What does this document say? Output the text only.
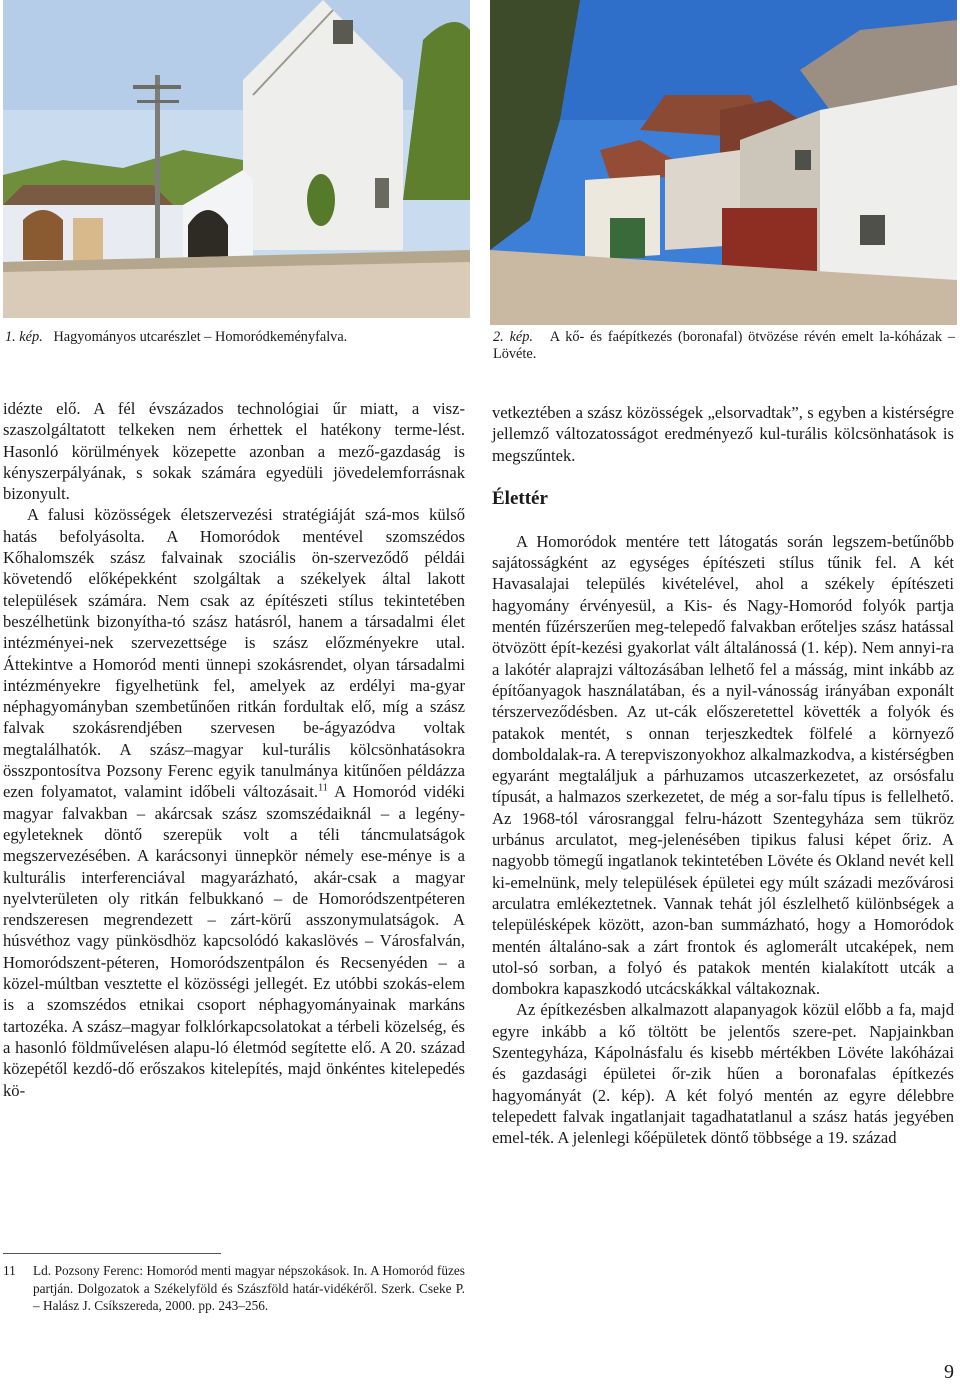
1. kép. Hagyományos utcarészlet – Homoródkeményfalva.	2. kép. A kő- és faépítkezés (boronafal) ötvözése révén emelt la-kóházak – Lövéte.

idézte elő. A fél évszázados technológiai űr miatt, a visz-szaszolgáltatott telkeken nem érhettek el hatékony terme-lést. Hasonló körülmények közepette azonban a mező-gazdaság is kényszerpályának, s sokak számára egyedüli jövedelemforrásnak bizonyult.

A falusi közösségek életszervezési stratégiáját szá-mos külső hatás befolyásolta. A Homoródok mentével szomszédos Kőhalomszék szász falvainak szociális ön-szerveződő példái követendő előképekként szolgáltak a székelyek által lakott települések számára. Nem csak az építészeti stílus tekintetében beszélhetünk bizonyítha-tó szász hatásról, hanem a társadalmi élet intézményei-nek szervezettsége is szász előzményekre utal. Áttekintve a Homoród menti ünnepi szokásrendet, olyan társadalmi intézményekre figyelhetünk fel, amelyek az erdélyi ma-gyar néphagyományban szembetűnően ritkán fordultak elő, míg a szász falvak szokásrendjében szervesen be-ágyazódva voltak megtalálhatók. A szász–magyar kul-turális kölcsönhatásokra összpontosítva Pozsony Ferenc egyik tanulmánya kitűnően példázza ezen folyamatot, valamint időbeli változásait.$^{11}$ A Homoród vidéki magyar falvakban – akárcsak szász szomszédaiknál – a legény-egyleteknek döntő szerepük volt a téli táncmulatságok megszervezésében. A karácsonyi ünnepkör némely ese-ménye is a kulturális interferenciával magyarázható, akár-csak a magyar nyelvterületen oly ritkán felbukkanó – de Homoródszentpéteren rendszeresen megrendezett – zárt-körű asszonymulatságok. A húsvéthoz vagy pünkösdhöz kapcsolódó kakaslövés – Városfalván, Homoródszent-péteren, Homoródszentpálon és Recsenyéden – a közel-múltban vesztette el közösségi jellegét. Ez utóbbi szokás-elem is a szomszédos etnikai csoport néphagyományainak markáns tartozéka. A szász–magyar folklórkapcsolatokat a térbeli közelség, és a hasonló földművelésen alapu-ló életmód segítette elő. A 20. század közepétől kezdő-dő erőszakos kitelepítés, majd önkéntes kitelepedés kö-

11 Ld. Pozsony Ferenc: Homoród menti magyar népszokások. In. A Homoród füzes partján. Dolgozatok a Székelyföld és Szászföld határ-vidékéről. Szerk. Cseke P. – Halász J. Csíkszereda, 2000. pp. 243–256.

vetkeztében a szász közösségek „elsorvadtak”, s egyben a kistérségre jellemző változatosságot eredményező kul-turális kölcsönhatások is megszűntek.

Élettér

A Homoródok mentére tett látogatás során legszem-betűnőbb sajátosságként az egységes építészeti stílus tűnik fel. A két Havasalajai település kivételével, ahol a székely építészeti hagyomány érvényesül, a Kis- és Nagy-Homoród folyók partja mentén fűzérszerűen meg-telepedő falvakban erőteljes szász hatással ötvözött épít-kezési gyakorlat vált általánossá (1. kép). Nem annyi-ra a lakótér alaprajzi változásában lelhető fel a másság, mint inkább az építőanyagok használatában, és a nyil-vánosság irányában exponált térszerveződésben. Az ut-cák előszeretettel követték a folyók és patakok mentét, s onnan terjeszkedtek fölfelé a környező domboldalak-ra. A terepviszonyokhoz alkalmazkodva, a kistérségben egyaránt megtaláljuk a párhuzamos utcaszerkezetet, az orsósfalu típusát, a halmazos szerkezetet, de még a sor-falu típus is fellelhető. Az 1968-tól városranggal felru-házott Szentegyháza sem tükröz urbánus arculatot, meg-jelenésében tipikus falusi képet őriz. A nagyobb tömegű ingatlanok tekintetében Lövéte és Okland nevét kell ki-emelnünk, mely települések épületei egy múlt századi mezővárosi arculatra emlékeztetnek. Vannak tehát jól észlelhető különbségek a településképek között, azon-ban summázható, hogy a Homoródok mentén általáno-sak a zárt frontok és aglomerált utcaképek, nem utol-só sorban, a folyó és patakok mentén kialakított utcák a dombokra kapaszkodó utcácskákkal váltakoznak.

Az építkezésben alkalmazott alapanyagok közül előbb a fa, majd egyre inkább a kő töltött be jelentős szere-pet. Napjainkban Szentegyháza, Kápolnásfalu és kisebb mértékben Lövéte lakóházai és gazdasági épületei őr-zik hűen a boronafalas építkezés hagyományát (2. kép). A két folyó mentén az egyre délebbre telepedett falvak ingatlanjait tagadhatatlanul a szász hatás jegyében emel-ték. A jelenlegi kőépületek döntő többsége a 19. század

9
